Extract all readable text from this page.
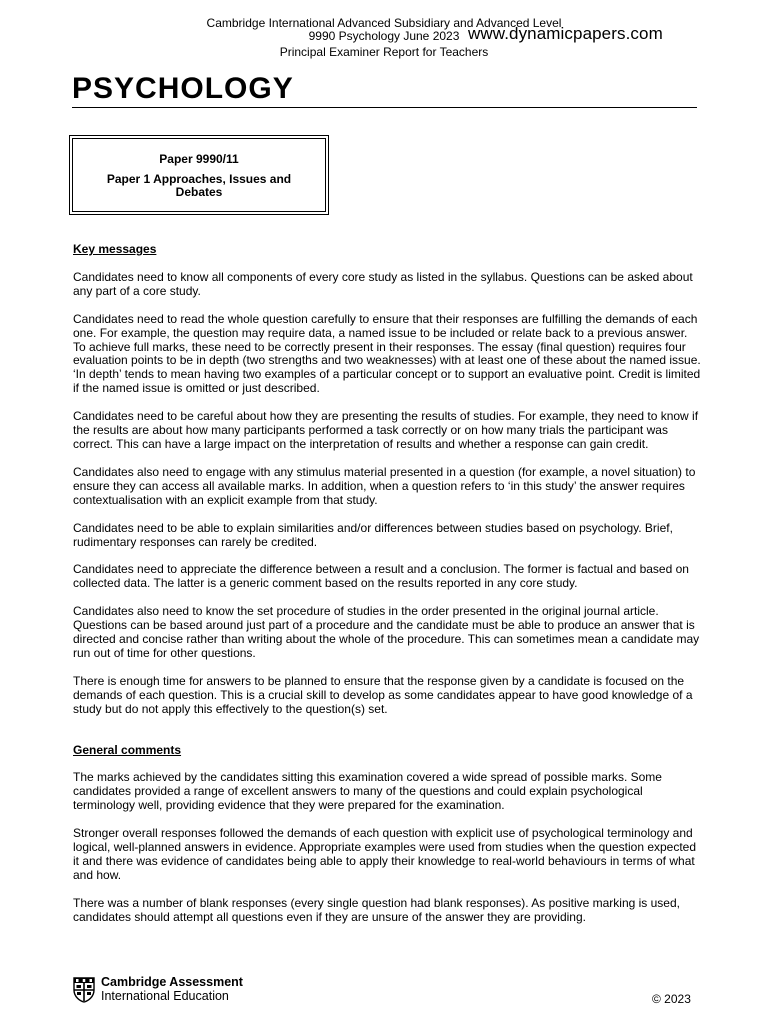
Cambridge International Advanced Subsidiary and Advanced Level
9990 Psychology June 2023
Principal Examiner Report for Teachers
www.dynamicpapers.com
PSYCHOLOGY
Paper 9990/11
Paper 1 Approaches, Issues and Debates
Key messages

Candidates need to know all components of every core study as listed in the syllabus. Questions can be asked about any part of a core study.

Candidates need to read the whole question carefully to ensure that their responses are fulfilling the demands of each one. For example, the question may require data, a named issue to be included or relate back to a previous answer. To achieve full marks, these need to be correctly present in their responses. The essay (final question) requires four evaluation points to be in depth (two strengths and two weaknesses) with at least one of these about the named issue. ‘In depth’ tends to mean having two examples of a particular concept or to support an evaluative point. Credit is limited if the named issue is omitted or just described.

Candidates need to be careful about how they are presenting the results of studies. For example, they need to know if the results are about how many participants performed a task correctly or on how many trials the participant was correct. This can have a large impact on the interpretation of results and whether a response can gain credit.

Candidates also need to engage with any stimulus material presented in a question (for example, a novel situation) to ensure they can access all available marks. In addition, when a question refers to ‘in this study’ the answer requires contextualisation with an explicit example from that study.

Candidates need to be able to explain similarities and/or differences between studies based on psychology. Brief, rudimentary responses can rarely be credited.

Candidates need to appreciate the difference between a result and a conclusion. The former is factual and based on collected data. The latter is a generic comment based on the results reported in any core study.

Candidates also need to know the set procedure of studies in the order presented in the original journal article. Questions can be based around just part of a procedure and the candidate must be able to produce an answer that is directed and concise rather than writing about the whole of the procedure. This can sometimes mean a candidate may run out of time for other questions.

There is enough time for answers to be planned to ensure that the response given by a candidate is focused on the demands of each question. This is a crucial skill to develop as some candidates appear to have good knowledge of a study but do not apply this effectively to the question(s) set.

General comments

The marks achieved by the candidates sitting this examination covered a wide spread of possible marks. Some candidates provided a range of excellent answers to many of the questions and could explain psychological terminology well, providing evidence that they were prepared for the examination.

Stronger overall responses followed the demands of each question with explicit use of psychological terminology and logical, well-planned answers in evidence. Appropriate examples were used from studies when the question expected it and there was evidence of candidates being able to apply their knowledge to real-world behaviours in terms of what and how.

There was a number of blank responses (every single question had blank responses). As positive marking is used, candidates should attempt all questions even if they are unsure of the answer they are providing.

Cambridge Assessment
International Education	© 2023
